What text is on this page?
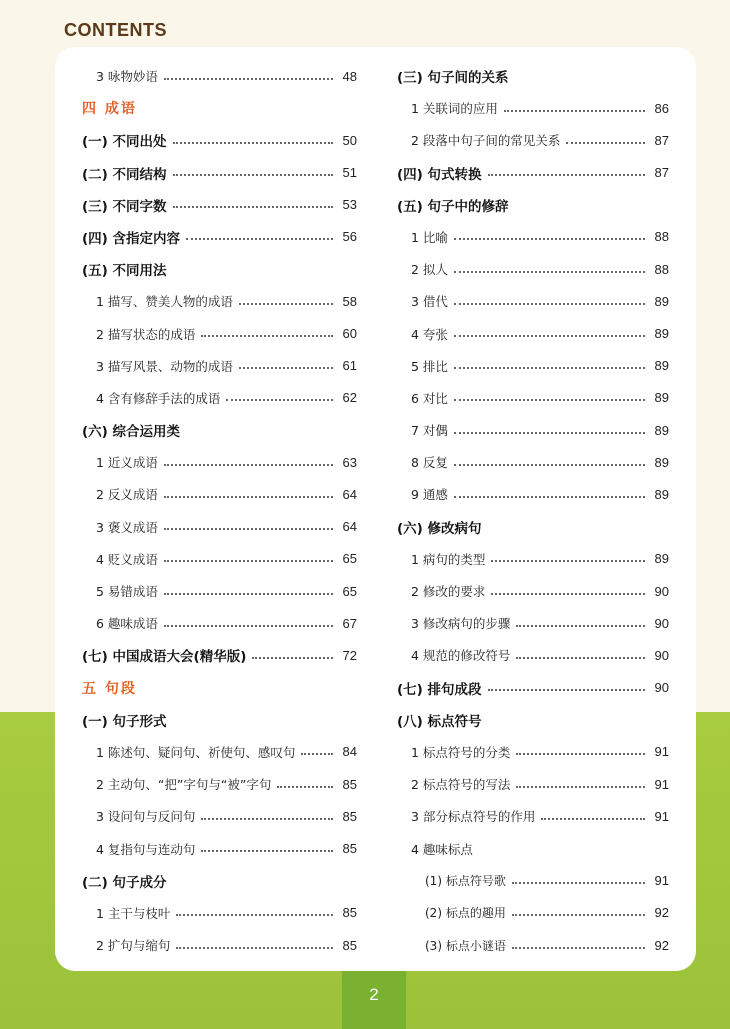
CONTENTS
3 咏物妙语	48
四 成语
(一) 不同出处	50
(二) 不同结构	51
(三) 不同字数	53
(四) 含指定内容	56
(五) 不同用法
1 描写、赞美人物的成语	58
2 描写状态的成语	60
3 描写风景、动物的成语	61
4 含有修辞手法的成语	62
(六) 综合运用类
1 近义成语	63
2 反义成语	64
3 褒义成语	64
4 贬义成语	65
5 易错成语	65
6 趣味成语	67
(七) 中国成语大会(精华版)	72
五 句段
(一) 句子形式
1 陈述句、疑问句、祈使句、感叹句	84
2 主动句、“把”字句与“被”字句	85
3 设问句与反问句	85
4 复指句与连动句	85
(二) 句子成分
1 主干与枝叶	85
2 扩句与缩句	85
(三) 句子间的关系
1 关联词的应用	86
2 段落中句子间的常见关系	87
(四) 句式转换	87
(五) 句子中的修辞
1 比喻	88
2 拟人	88
3 借代	89
4 夸张	89
5 排比	89
6 对比	89
7 对偶	89
8 反复	89
9 通感	89
(六) 修改病句
1 病句的类型	89
2 修改的要求	90
3 修改病句的步骤	90
4 规范的修改符号	90
(七) 排句成段	90
(八) 标点符号
1 标点符号的分类	91
2 标点符号的写法	91
3 部分标点符号的作用	91
4 趣味标点
(1) 标点符号歌	91
(2) 标点的趣用	92
(3) 标点小谜语	92
2
